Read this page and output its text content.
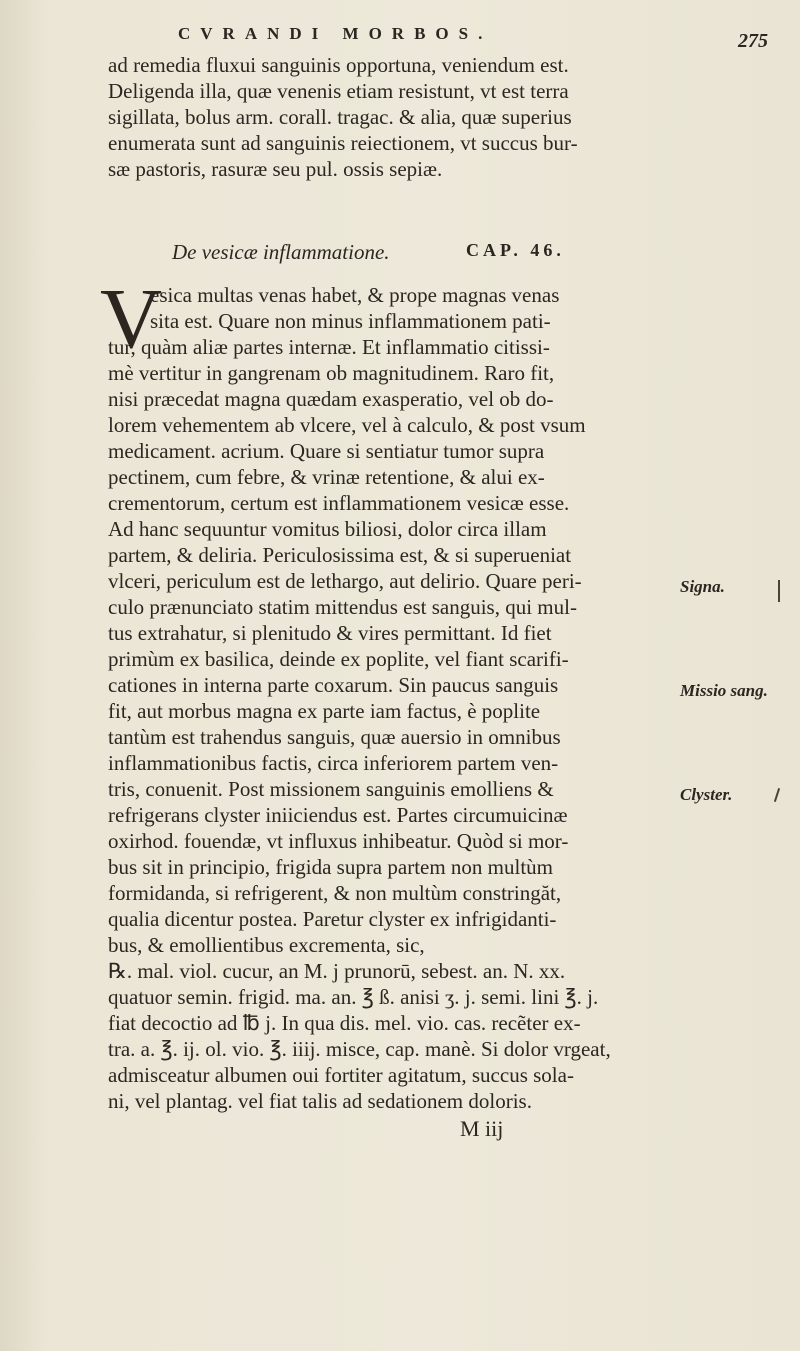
CVRANDI MORBOS.	275
ad remedia fluxui sanguinis opportuna, veniendum est.
Deligenda illa, quæ venenis etiam resistunt, vt est terra
sigillata, bolus arm. corall. tragac. & alia, quæ superius
enumerata sunt ad sanguinis reiectionem, vt succus bur-
sæ pastoris, rasuræ seu pul. ossis sepiæ.
De vesicæ inflammatione.	CAP. 46.
V
esica multas venas habet, & prope magnas venas
sita est. Quare non minus inflammationem pati-
tur, quàm aliæ partes internæ. Et inflammatio citissi-
mè vertitur in gangrenam ob magnitudinem. Raro fit,
nisi præcedat magna quædam exasperatio, vel ob do-
lorem vehementem ab vlcere, vel à calculo, & post vsum
medicament. acrium. Quare si sentiatur tumor supra
pectinem, cum febre, & vrinæ retentione, & alui ex-
crementorum, certum est inflammationem vesicæ esse.
Ad hanc sequuntur vomitus biliosi, dolor circa illam
partem, & deliria. Periculosissima est, & si superueniat
vlceri, periculum est de lethargo, aut delirio. Quare peri-
culo prænunciato statim mittendus est sanguis, qui mul-
tus extrahatur, si plenitudo & vires permittant. Id fiet
primùm ex basilica, deinde ex poplite, vel fiant scarifi-
cationes in interna parte coxarum. Sin paucus sanguis
fit, aut morbus magna ex parte iam factus, è poplite
tantùm est trahendus sanguis, quæ auersio in omnibus
inflammationibus factis, circa inferiorem partem ven-
tris, conuenit. Post missionem sanguinis emolliens &
refrigerans clyster iniiciendus est. Partes circumuicinæ
oxirhod. fouendæ, vt influxus inhibeatur. Quòd si mor-
bus sit in principio, frigida supra partem non multùm
formidanda, si refrigerent, & non multùm constringăt,
qualia dicentur postea. Paretur clyster ex infrigidanti-
bus, & emollientibus excrementa, sic,
℞. mal. viol. cucur, an M. j prunorū, sebest. an. N. xx.
quatuor semin. frigid. ma. an. ℥ ß. anisi ʒ. j. semi. lini ℥. j.
fiat decoctio ad ℔ j. In qua dis. mel. vio. cas. recẽter ex-
tra. a. ℥. ij. ol. vio. ℥. iiij. misce, cap. manè. Si dolor vrgeat,
admisceatur albumen oui fortiter agitatum, succus sola-
ni, vel plantag. vel fiat talis ad sedationem doloris.
Signa.
Missio sang.
Clyster.
M iij
